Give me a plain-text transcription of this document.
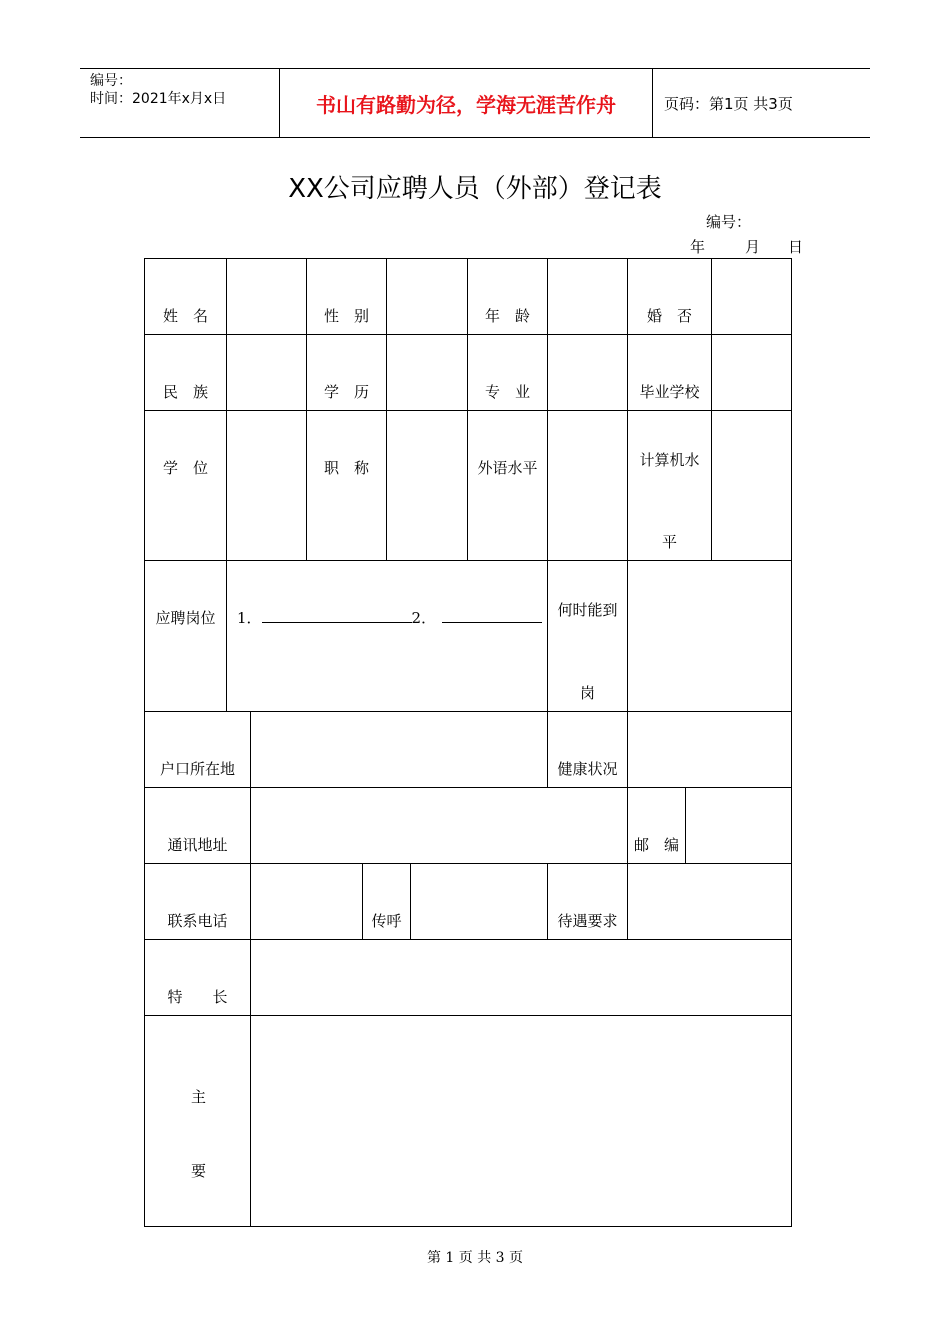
编号：
时间：2021年x月x日	书山有路勤为径，学海无涯苦作舟	页码：第1页 共3页
XX公司应聘人员（外部）登记表
编号：
年	月 日
姓　名	性　别	年　龄	婚　否
民　族	学　历	专　业	毕业学校
学　位	职　称	外语水平	计算机水
平
应聘岗位	1．	2．	何时能到
岗
户口所在地	健康状况
通讯地址	邮　编
联系电话	传呼	待遇要求
特　　长
主
要
第 1 页 共 3 页
